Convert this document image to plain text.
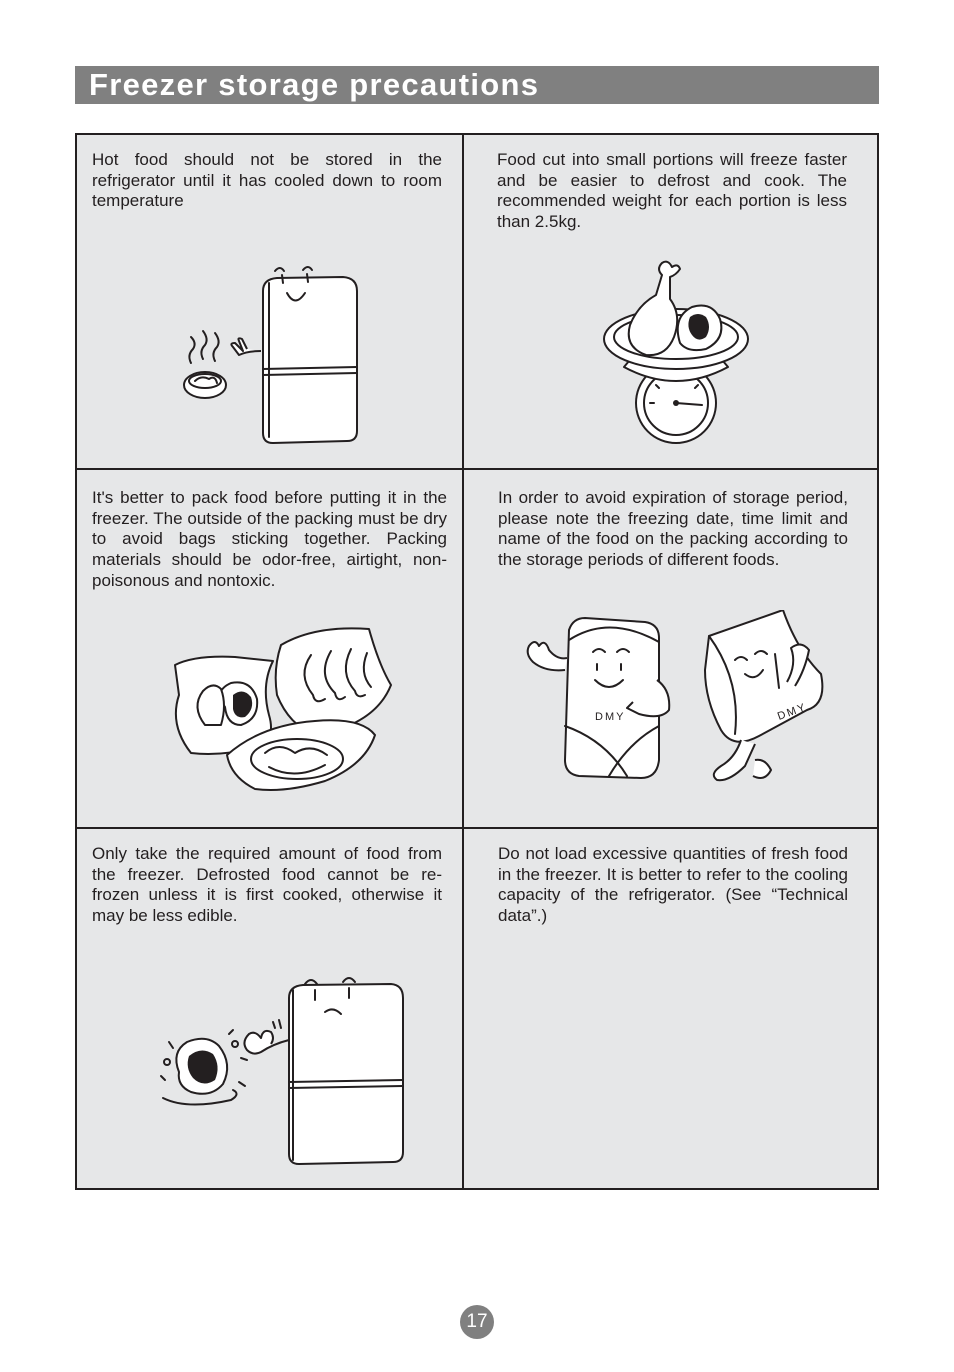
Freezer storage precautions

Hot food should not be stored in the refrigerator until it has cooled down to room temperature

Food cut into small portions will freeze faster and be easier to defrost and cook. The recommended weight for each portion is less than 2.5kg.

It's better to pack food before putting it in the freezer. The outside of the packing must be dry to avoid bags sticking together. Packing materials should be odor-free, airtight, non-poisonous and nontoxic.

In order to avoid expiration of storage period, please note the freezing date, time limit and name of the food on the packing according to the storage periods of different foods.

DMY	DMY

Only take the required amount of food from the freezer. Defrosted food cannot be re-frozen unless it is first cooked, otherwise it may be less edible.

Do not load excessive quantities of fresh food in the freezer. It is better to refer to the cooling capacity of the refrigerator. (See “Technical data”.)

17
